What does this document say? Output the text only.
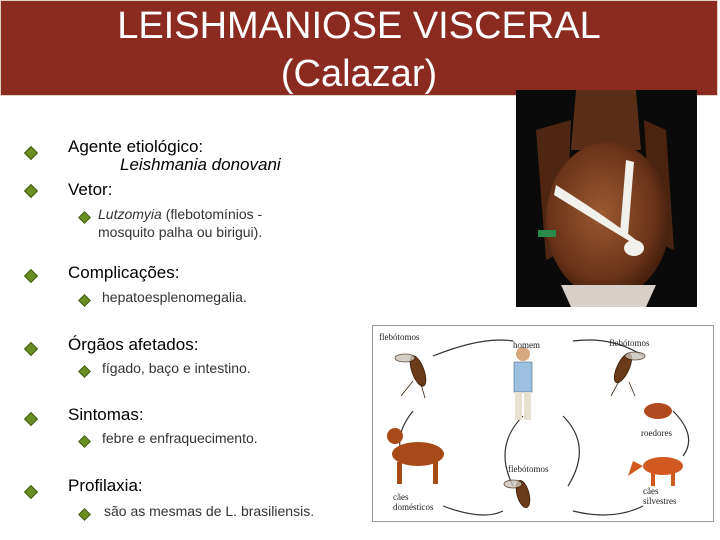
LEISHMANIOSE VISCERAL
(Calazar)
Agente etiológico:
Leishmania donovani
Vetor:
Lutzomyia (flebotomínios -
mosquito palha ou birigui).
Complicações:
hepatoesplenomegalia.
Órgãos afetados:
fígado, baço e intestino.
Sintomas:
febre e enfraquecimento.
Profilaxia:
são as mesmas de L. brasiliensis.
flebótomos
homem	flebótomos
roedores
flebótomos
cães
domésticos
cães
silvestres
